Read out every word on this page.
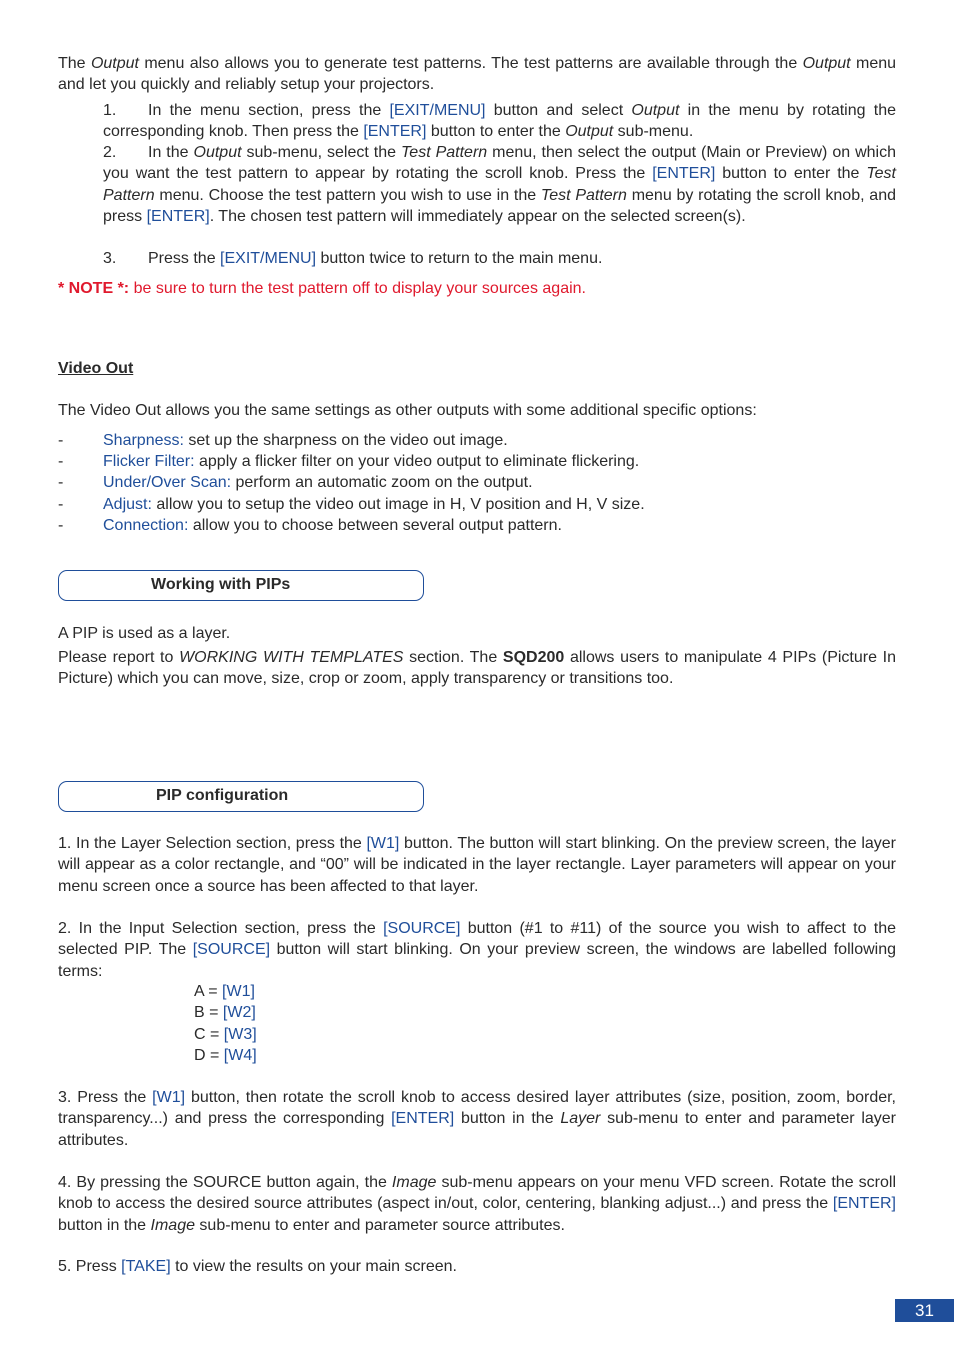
The Output menu also allows you to generate test patterns. The test patterns are available through the Output menu and let you quickly and reliably setup your projectors.

1. In the menu section, press the [EXIT/MENU] button and select Output in the menu by rotating the corresponding knob. Then press the [ENTER] button to enter the Output sub-menu.

2. In the Output sub-menu, select the Test Pattern menu, then select the output (Main or Preview) on which you want the test pattern to appear by rotating the scroll knob. Press the [ENTER] button to enter the Test Pattern menu. Choose the test pattern you wish to use in the Test Pattern menu by rotating the scroll knob, and press [ENTER]. The chosen test pattern will immediately appear on the selected screen(s).

3. Press the [EXIT/MENU] button twice to return to the main menu.

* NOTE *: be sure to turn the test pattern off to display your sources again.

Video Out

The Video Out allows you the same settings as other outputs with some additional specific options:

- Sharpness: set up the sharpness on the video out image.
- Flicker Filter: apply a flicker filter on your video output to eliminate flickering.
- Under/Over Scan: perform an automatic zoom on the output.
- Adjust: allow you to setup the video out image in H, V position and H, V size.
- Connection: allow you to choose between several output pattern.
Working with PIPs

A PIP is used as a layer.

Please report to WORKING WITH TEMPLATES section. The SQD200 allows users to manipulate 4 PIPs (Picture In Picture) which you can move, size, crop or zoom, apply transparency or transitions too.

PIP configuration

1. In the Layer Selection section, press the [W1] button. The button will start blinking. On the preview screen, the layer will appear as a color rectangle, and “00” will be indicated in the layer rectangle. Layer parameters will appear on your menu screen once a source has been affected to that layer.

2. In the Input Selection section, press the [SOURCE] button (#1 to #11) of the source you wish to affect to the selected PIP. The [SOURCE] button will start blinking. On your preview screen, the windows are labelled following terms:

A = [W1]

B = [W2]

C = [W3]

D = [W4]

3. Press the [W1] button, then rotate the scroll knob to access desired layer attributes (size, position, zoom, border, transparency...) and press the corresponding [ENTER] button in the Layer sub-menu to enter and parameter layer attributes.

4. By pressing the SOURCE button again, the Image sub-menu appears on your menu VFD screen. Rotate the scroll knob to access the desired source attributes (aspect in/out, color, centering, blanking adjust...) and press the [ENTER] button in the Image sub-menu to enter and parameter source attributes.

5. Press [TAKE] to view the results on your main screen.

31
